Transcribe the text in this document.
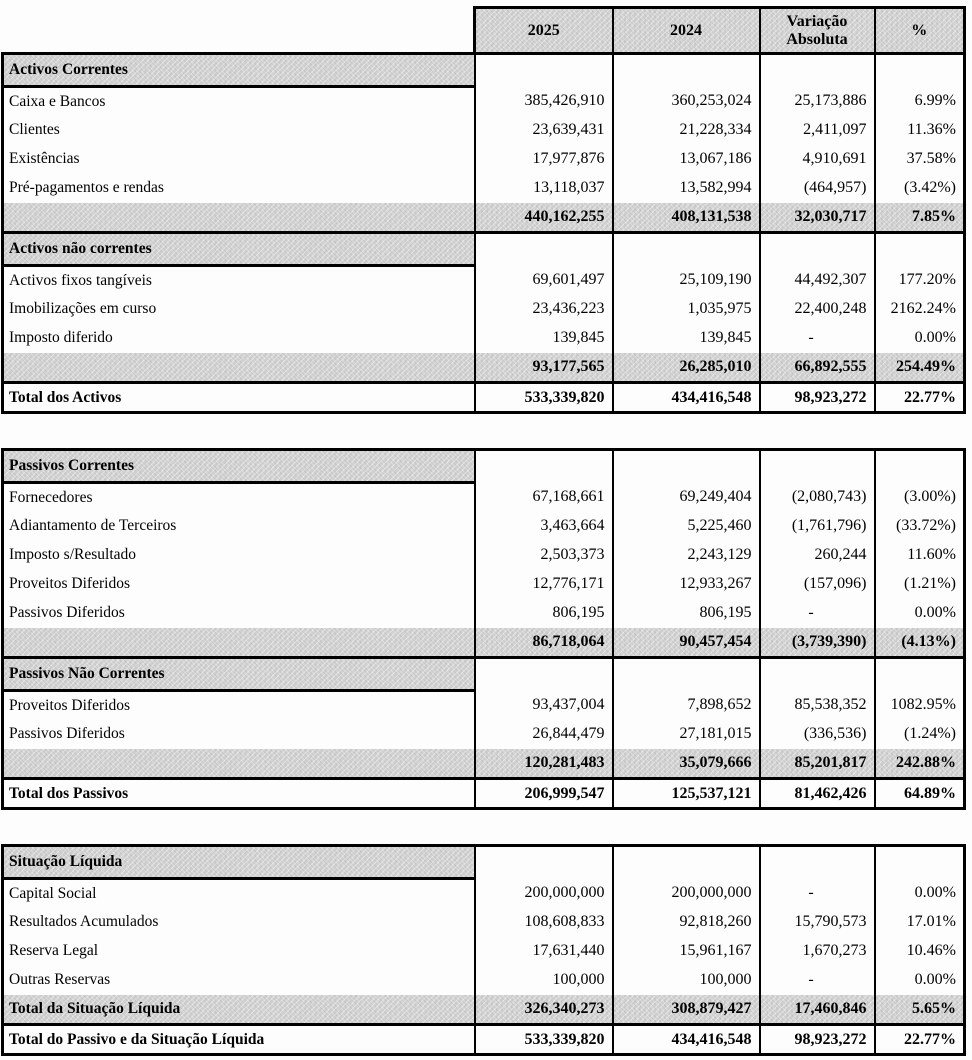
	2025	2024	Variação Absoluta	%
Activos Correntes				
Caixa e Bancos	385,426,910	360,253,024	25,173,886	6.99%
Clientes	23,639,431	21,228,334	2,411,097	11.36%
Existências	17,977,876	13,067,186	4,910,691	37.58%
Pré-pagamentos e rendas	13,118,037	13,582,994	(464,957)	(3.42%)
	440,162,255	408,131,538	32,030,717	7.85%
Activos não correntes				
Activos fixos tangíveis	69,601,497	25,109,190	44,492,307	177.20%
Imobilizações em curso	23,436,223	1,035,975	22,400,248	2162.24%
Imposto diferido	139,845	139,845	-	0.00%
	93,177,565	26,285,010	66,892,555	254.49%
Total dos Activos	533,339,820	434,416,548	98,923,272	22.77%

Passivos Correntes				
Fornecedores	67,168,661	69,249,404	(2,080,743)	(3.00%)
Adiantamento de Terceiros	3,463,664	5,225,460	(1,761,796)	(33.72%)
Imposto s/Resultado	2,503,373	2,243,129	260,244	11.60%
Proveitos Diferidos	12,776,171	12,933,267	(157,096)	(1.21%)
Passivos Diferidos	806,195	806,195	-	0.00%
	86,718,064	90,457,454	(3,739,390)	(4.13%)
Passivos Não Correntes				
Proveitos Diferidos	93,437,004	7,898,652	85,538,352	1082.95%
Passivos Diferidos	26,844,479	27,181,015	(336,536)	(1.24%)
	120,281,483	35,079,666	85,201,817	242.88%
Total dos Passivos	206,999,547	125,537,121	81,462,426	64.89%

Situação Líquida				
Capital Social	200,000,000	200,000,000	-	0.00%
Resultados Acumulados	108,608,833	92,818,260	15,790,573	17.01%
Reserva Legal	17,631,440	15,961,167	1,670,273	10.46%
Outras Reservas	100,000	100,000	-	0.00%
Total da Situação Líquida	326,340,273	308,879,427	17,460,846	5.65%
Total do Passivo e da Situação Líquida	533,339,820	434,416,548	98,923,272	22.77%
